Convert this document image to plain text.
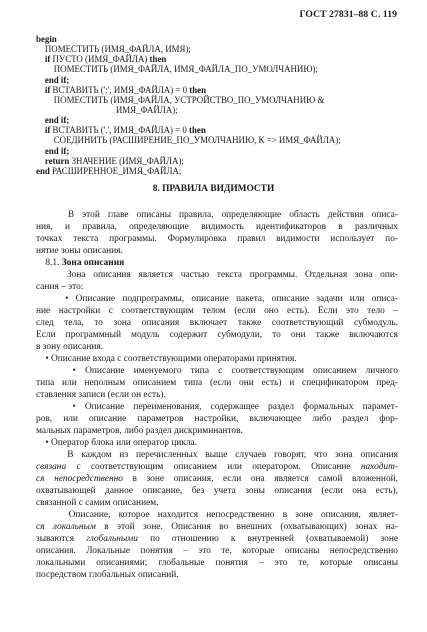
ГОСТ 27831–88 С. 119
begin
ПОМЕСТИТЬ (ИМЯ_ФАЙЛА, ИМЯ);
if ПУСТО (ИМЯ_ФАЙЛА) then
ПОМЕСТИТЬ (ИМЯ_ФАЙЛА, ИМЯ_ФАЙЛА_ПО_УМОЛЧАНИЮ);
end if;
if ВСТАВИТЬ (':', ИМЯ_ФАЙЛА) = 0 then
ПОМЕСТИТЬ (ИМЯ_ФАЙЛА, УСТРОЙСТВО_ПО_УМОЛЧАНИЮ &
ИМЯ_ФАЙЛА);
end if;
if ВСТАВИТЬ ('.', ИМЯ_ФАЙЛА) = 0 then
СОЕДИНИТЬ (РАСШИРЕНИЕ_ПО_УМОЛЧАНИЮ, К => ИМЯ_ФАЙЛА);
end if;
return ЗНАЧЕНИЕ (ИМЯ_ФАЙЛА);
end РАСШИРЕННОЕ_ИМЯ_ФАЙЛА;
8. ПРАВИЛА ВИДИМОСТИ
В этой главе описаны правила, определяющие область действия описа-
ния, и правила, определяющие видимость идентификаторов в различных
точках текста программы. Формулировка правил видимости использует по-
нятие зоны описания.
8.1. Зона описания
Зона описания является частью текста программы. Отдельная зона опи-
сания – это:
• Описание подпрограммы, описание пакета, описание задачи или описа-
ние настройки с соответствующим телом (если оно есть). Если это тело –
след тела, то зона описания включает также соответствующий субмодуль.
Если программный модуль содержит субмодули, то они также включаются
в зону описания.
• Описание входа с соответствующими операторами принятия.
• Описание именуемого типа с соответствующим описанием личного
типа или неполным описанием типа (если они есть) и спецификатором пред-
ставления записи (если он есть).
• Описание переименования, содержащее раздел формальных парамет-
ров, или описание параметров настройки, включающее либо раздел фор-
мальных параметров, либо раздел дискриминантов.
• Оператор блока или оператор цикла.
В каждом из перечисленных выше случаев говорят, что зона описания
связана с соответствующим описанием или оператором. Описание находит-
ся непосредственно в зоне описания, если она является самой вложенной,
охватывающей данное описание, без учета зоны описания (если она есть),
связанной с самим описанием.
Описание, которое находится непосредственно в зоне описания, являет-
ся локальным в этой зоне. Описания во внешних (охватывающих) зонах на-
зываются глобальными по отношению к внутренней (охватываемой) зоне
описания. Локальные понятия – это те, которые описаны непосредственно
локальными описаниями; глобальные понятия – это те, которые описаны
посредством глобальных описаний.
